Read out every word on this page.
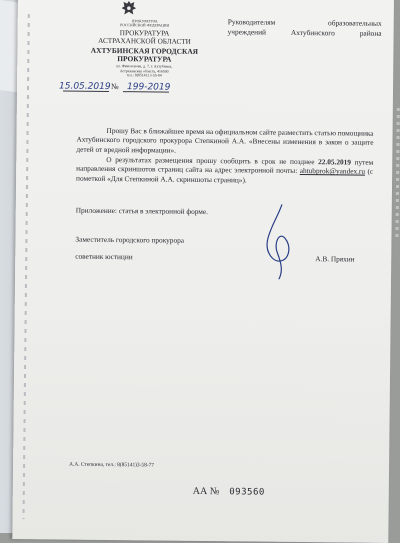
ПРОКУРАТУРА
РОССИЙСКОЙ ФЕДЕРАЦИИ
ПРОКУРАТУРА
АСТРАХАНСКОЙ ОБЛАСТИ
АХТУБИНСКАЯ ГОРОДСКАЯ
ПРОКУРАТУРА
ул. Финогенова, д. 7, г. Ахтубинск,
Астраханская область, 416500
тел.: 8(85141) 3-55-04
Руководителям образовательных
учреждений Ахтубинского района
15.05.2019 № 199-2019

Прошу Вас в ближайшее время на официальном сайте разместить статью помощника Ахтубинского городского прокурора Степкиной А.А. «Внесены изменения в закон о защите детей от вредной информации».

О результатах размещения прошу сообщить в срок не позднее 22.05.2019 путем направления скриншотов страниц сайта на адрес электронной почты: ahtubprok@yandex.ru (с пометкой «Для Степкиной А.А. скриншоты страниц»).

Приложение: статья в электронной форме.
Заместитель городского прокурора
советник юстиции	А.В. Пряхин
А.А. Степкина, тел.: 8(85141)3-58-77
АА № 093560
